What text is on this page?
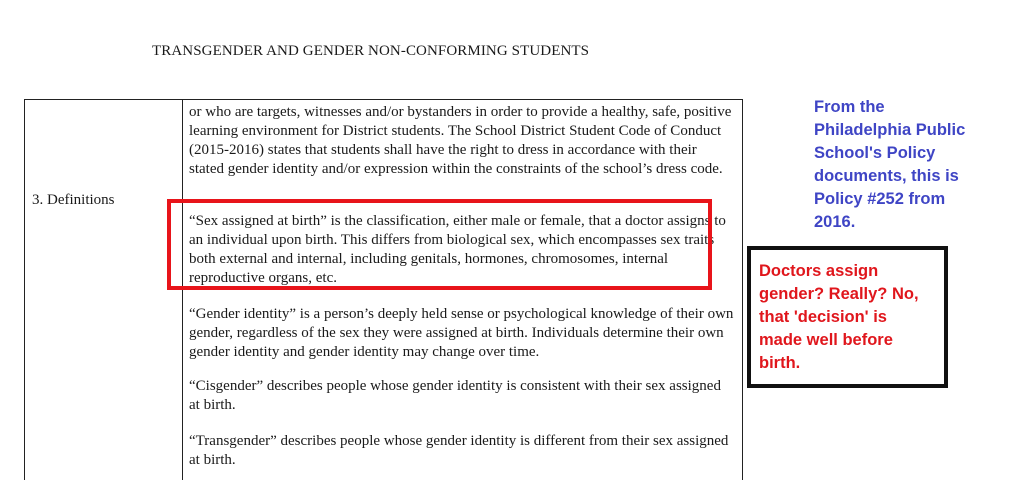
TRANSGENDER AND GENDER NON-CONFORMING STUDENTS
3. Definitions
or who are targets, witnesses and/or bystanders in order to provide a healthy, safe, positive learning environment for District students. The School District Student Code of Conduct (2015-2016) states that students shall have the right to dress in accordance with their stated gender identity and/or expression within the constraints of the school’s dress code.
“Sex assigned at birth” is the classification, either male or female, that a doctor assigns to an individual upon birth. This differs from biological sex, which encompasses sex traits both external and internal, including genitals, hormones, chromosomes, internal reproductive organs, etc.
“Gender identity” is a person’s deeply held sense or psychological knowledge of their own gender, regardless of the sex they were assigned at birth. Individuals determine their own gender identity and gender identity may change over time.
“Cisgender” describes people whose gender identity is consistent with their sex assigned at birth.
“Transgender” describes people whose gender identity is different from their sex assigned at birth.
From the
Philadelphia Public
School's Policy
documents, this is
Policy #252 from
2016.
Doctors assign
gender? Really? No,
that 'decision' is
made well before
birth.
